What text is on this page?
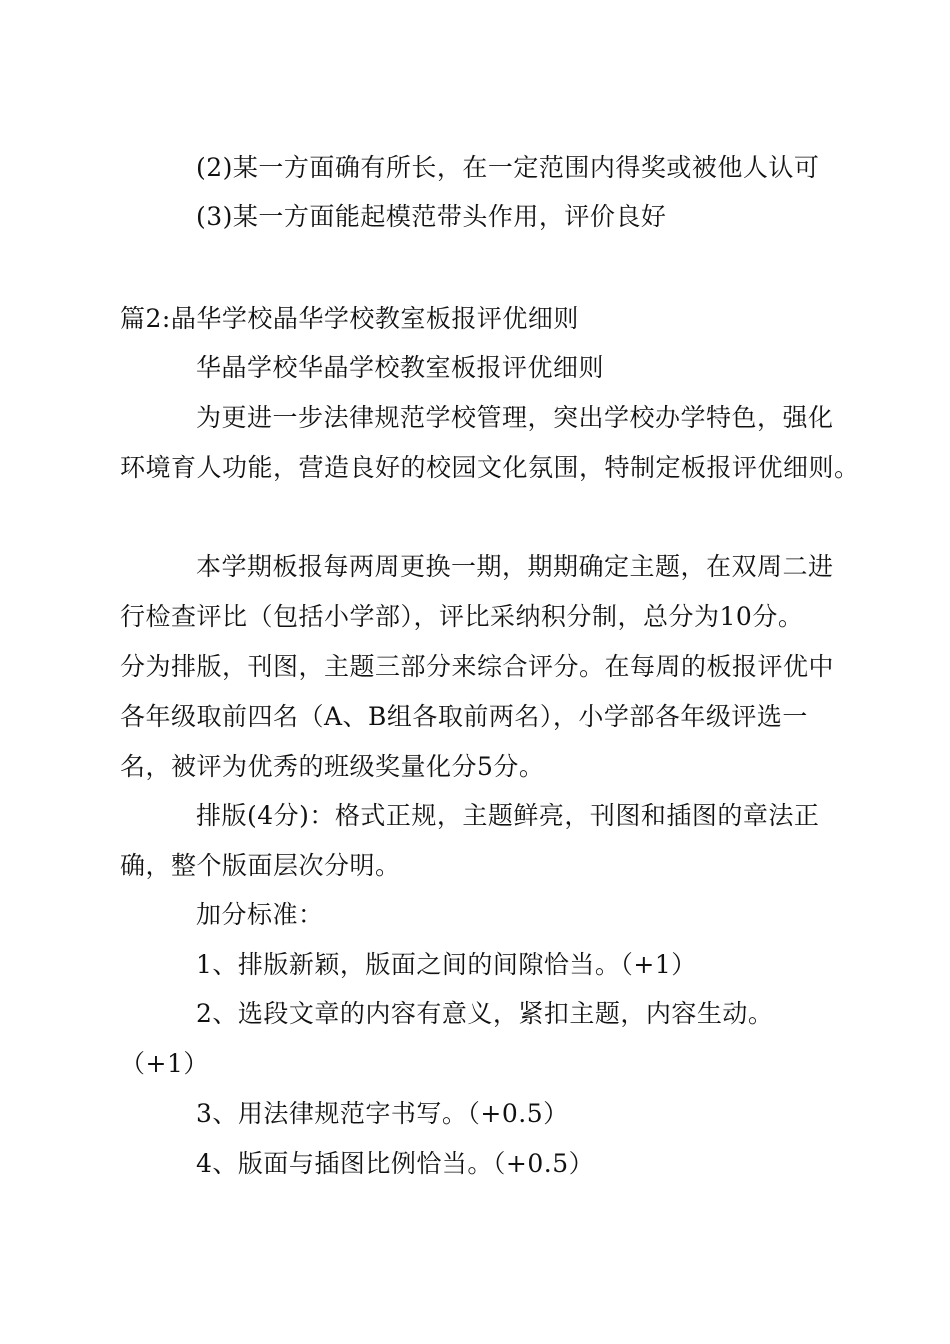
(2)某一方面确有所长，在一定范围内得奖或被他人认可
(3)某一方面能起模范带头作用，评价良好
篇2:晶华学校晶华学校教室板报评优细则
华晶学校华晶学校教室板报评优细则
为更进一步法律规范学校管理，突出学校办学特色，强化
环境育人功能，营造良好的校园文化氛围，特制定板报评优细则。
本学期板报每两周更换一期，期期确定主题，在双周二进
行检查评比（包括小学部），评比采纳积分制，总分为10分。
分为排版，刊图，主题三部分来综合评分。在每周的板报评优中
各年级取前四名（A、B组各取前两名），小学部各年级评选一
名，被评为优秀的班级奖量化分5分。
排版(4分)：格式正规，主题鲜亮，刊图和插图的章法正
确，整个版面层次分明。
加分标准：
1、排版新颖，版面之间的间隙恰当。（+1）
2、选段文章的内容有意义，紧扣主题，内容生动。
（+1）
3、用法律规范字书写。（+0.5）
4、版面与插图比例恰当。（+0.5）
